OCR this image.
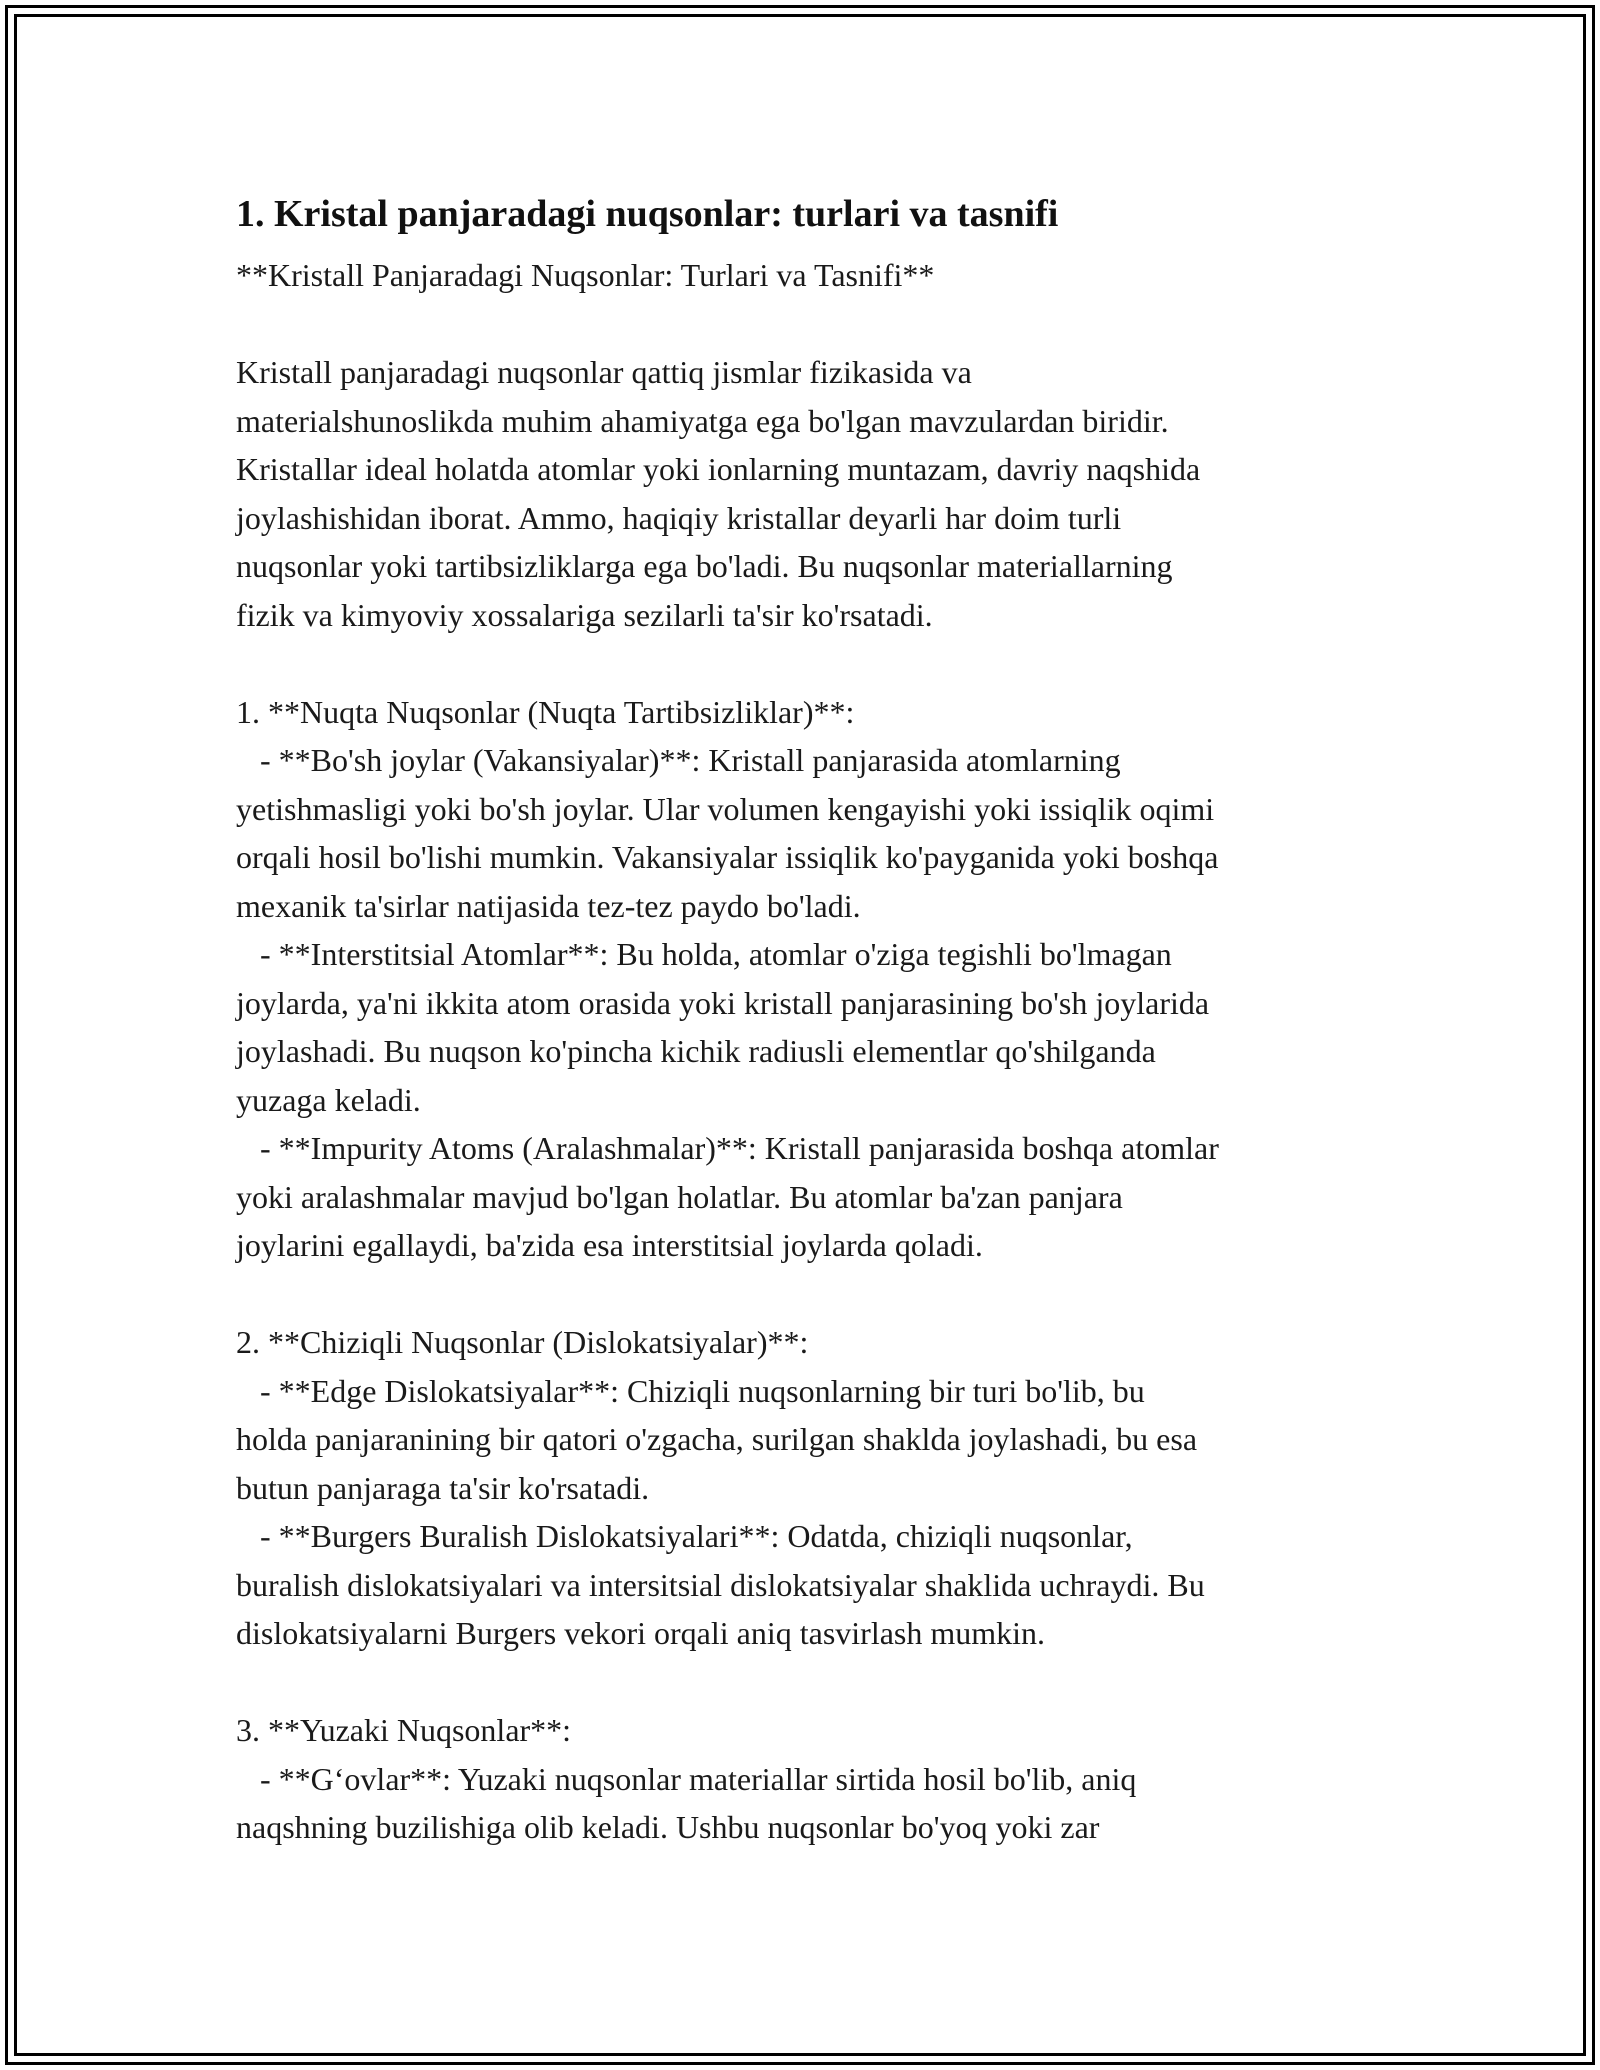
1. Kristal panjaradagi nuqsonlar: turlari va tasnifi

**Kristall Panjaradagi Nuqsonlar: Turlari va Tasnifi**

Kristall panjaradagi nuqsonlar qattiq jismlar fizikasida va

materialshunoslikda muhim ahamiyatga ega bo'lgan mavzulardan biridir.

Kristallar ideal holatda atomlar yoki ionlarning muntazam, davriy naqshida

joylashishidan iborat. Ammo, haqiqiy kristallar deyarli har doim turli

nuqsonlar yoki tartibsizliklarga ega bo'ladi. Bu nuqsonlar materiallarning

fizik va kimyoviy xossalariga sezilarli ta'sir ko'rsatadi.

1. **Nuqta Nuqsonlar (Nuqta Tartibsizliklar)**:

- **Bo'sh joylar (Vakansiyalar)**: Kristall panjarasida atomlarning

yetishmasligi yoki bo'sh joylar. Ular volumen kengayishi yoki issiqlik oqimi

orqali hosil bo'lishi mumkin. Vakansiyalar issiqlik ko'payganida yoki boshqa

mexanik ta'sirlar natijasida tez-tez paydo bo'ladi.

- **Interstitsial Atomlar**: Bu holda, atomlar o'ziga tegishli bo'lmagan

joylarda, ya'ni ikkita atom orasida yoki kristall panjarasining bo'sh joylarida

joylashadi. Bu nuqson ko'pincha kichik radiusli elementlar qo'shilganda

yuzaga keladi.

- **Impurity Atoms (Aralashmalar)**: Kristall panjarasida boshqa atomlar

yoki aralashmalar mavjud bo'lgan holatlar. Bu atomlar ba'zan panjara

joylarini egallaydi, ba'zida esa interstitsial joylarda qoladi.

2. **Chiziqli Nuqsonlar (Dislokatsiyalar)**:

- **Edge Dislokatsiyalar**: Chiziqli nuqsonlarning bir turi bo'lib, bu

holda panjaranining bir qatori o'zgacha, surilgan shaklda joylashadi, bu esa

butun panjaraga ta'sir ko'rsatadi.

- **Burgers Buralish Dislokatsiyalari**: Odatda, chiziqli nuqsonlar,

buralish dislokatsiyalari va intersitsial dislokatsiyalar shaklida uchraydi. Bu

dislokatsiyalarni Burgers vekori orqali aniq tasvirlash mumkin.

3. **Yuzaki Nuqsonlar**:

- **G‘ovlar**: Yuzaki nuqsonlar materiallar sirtida hosil bo'lib, aniq

naqshning buzilishiga olib keladi. Ushbu nuqsonlar bo'yoq yoki zar
